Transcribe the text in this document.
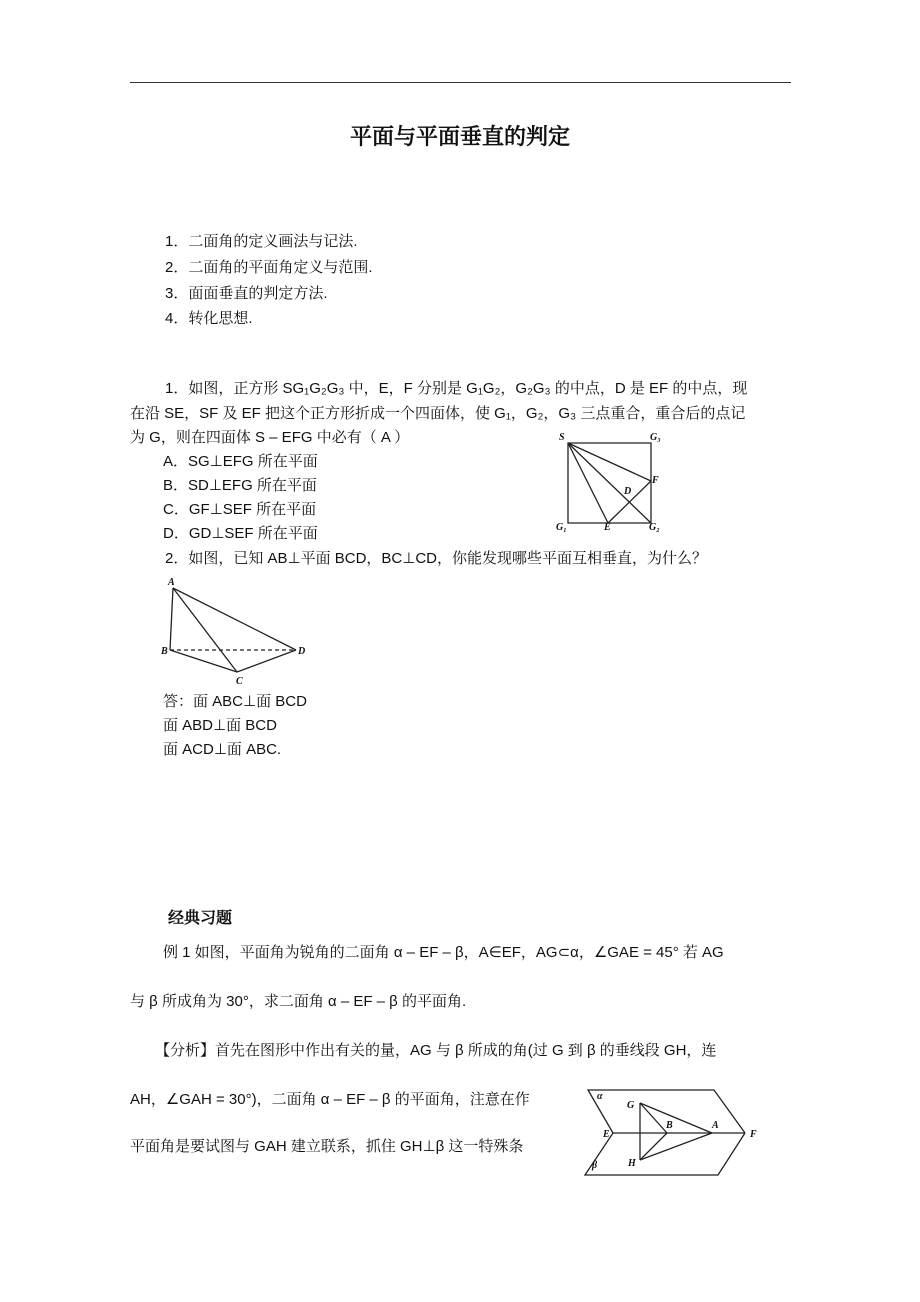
平面与平面垂直的判定
1．二面角的定义画法与记法.
2．二面角的平面角定义与范围.
3．面面垂直的判定方法.
4．转化思想.
1．如图，正方形 SG₁G₂G₃ 中，E，F 分别是 G₁G₂，G₂G₃ 的中点，D 是 EF 的中点，现
在沿 SE，SF 及 EF 把这个正方形折成一个四面体，使 G₁，G₂，G₃ 三点重合，重合后的点记
为 G，则在四面体 S – EFG 中必有（ A ）
A．SG⊥EFG 所在平面
B．SD⊥EFG 所在平面
C．GF⊥SEF 所在平面
D．GD⊥SEF 所在平面
S	G₃
F
D
G₁	E	G₂
2．如图，已知 AB⊥平面 BCD，BC⊥CD，你能发现哪些平面互相垂直，为什么？
A
B
C
D
答：面 ABC⊥面 BCD
面 ABD⊥面 BCD
面 ACD⊥面 ABC.
经典习题
例 1 如图，平面角为锐角的二面角 α – EF – β，A∈EF，AG⊂α，∠GAE = 45° 若 AG
与 β 所成角为 30°，求二面角 α – EF – β 的平面角.
【分析】首先在图形中作出有关的量，AG 与 β 所成的角(过 G 到 β 的垂线段 GH，连
AH，∠GAH = 30°)，二面角 α – EF – β 的平面角，注意在作
平面角是要试图与 GAH 建立联系，抓住 GH⊥β 这一特殊条
α
β
G
E
B	A
F
H
